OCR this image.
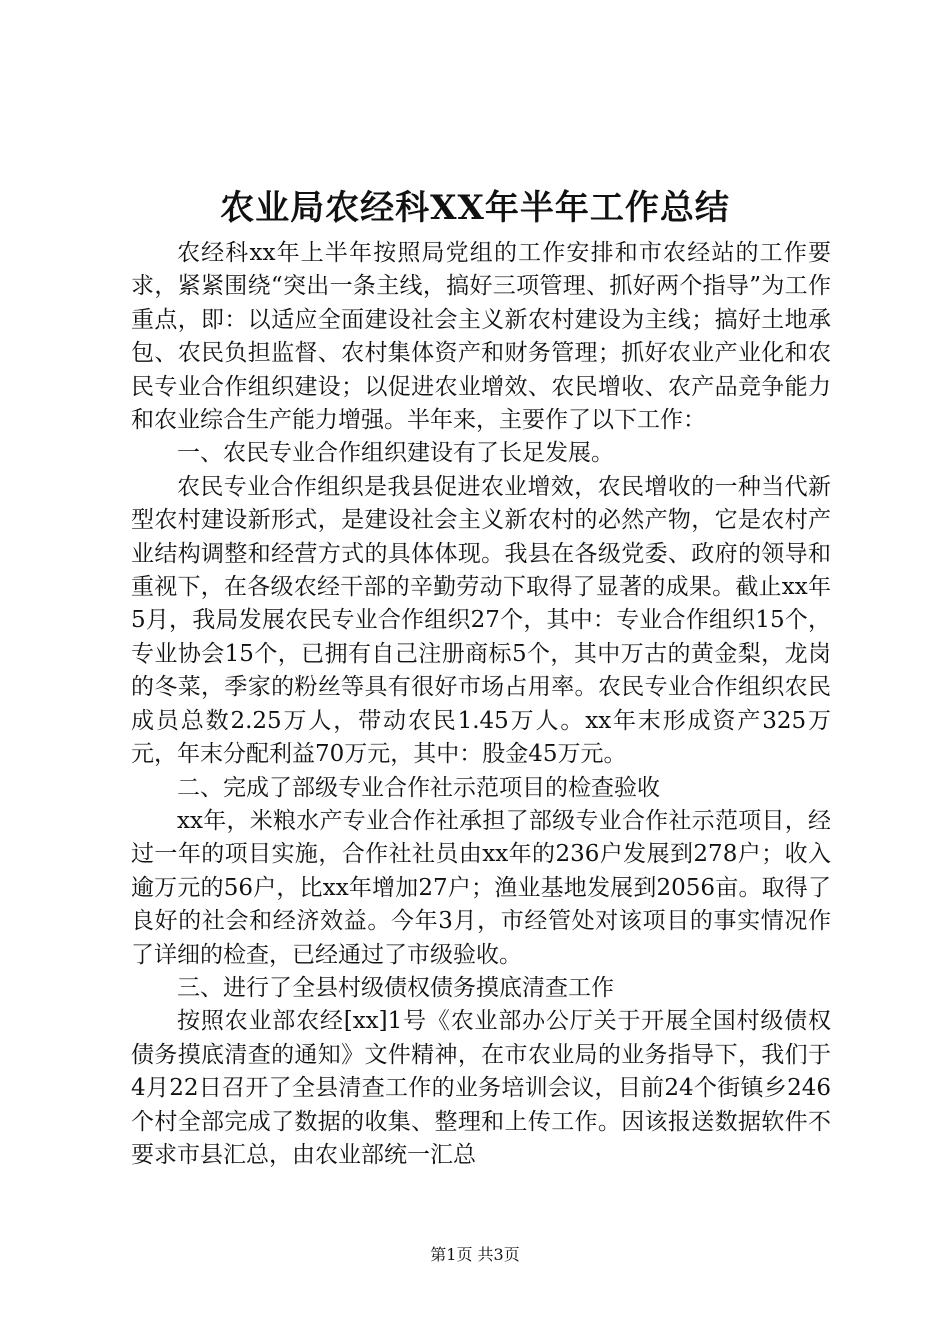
农业局农经科XX年半年工作总结

农经科xx年上半年按照局党组的工作安排和市农经站的工作要求，紧紧围绕“突出一条主线，搞好三项管理、抓好两个指导”为工作重点，即：以适应全面建设社会主义新农村建设为主线；搞好土地承包、农民负担监督、农村集体资产和财务管理；抓好农业产业化和农民专业合作组织建设；以促进农业增效、农民增收、农产品竞争能力和农业综合生产能力增强。半年来，主要作了以下工作：

一、农民专业合作组织建设有了长足发展。

农民专业合作组织是我县促进农业增效，农民增收的一种当代新型农村建设新形式，是建设社会主义新农村的必然产物，它是农村产业结构调整和经营方式的具体体现。我县在各级党委、政府的领导和重视下，在各级农经干部的辛勤劳动下取得了显著的成果。截止xx年5月，我局发展农民专业合作组织27个，其中：专业合作组织15个，专业协会15个，已拥有自己注册商标5个，其中万古的黄金梨，龙岗的冬菜，季家的粉丝等具有很好市场占用率。农民专业合作组织农民成员总数2.25万人，带动农民1.45万人。xx年末形成资产325万元，年末分配利益70万元，其中：股金45万元。

二、完成了部级专业合作社示范项目的检查验收

xx年，米粮水产专业合作社承担了部级专业合作社示范项目，经过一年的项目实施，合作社社员由xx年的236户发展到278户；收入逾万元的56户，比xx年增加27户；渔业基地发展到2056亩。取得了良好的社会和经济效益。今年3月，市经管处对该项目的事实情况作了详细的检查，已经通过了市级验收。

三、进行了全县村级债权债务摸底清查工作

按照农业部农经[xx]1号《农业部办公厅关于开展全国村级债权债务摸底清查的通知》文件精神，在市农业局的业务指导下，我们于4月22日召开了全县清查工作的业务培训会议，目前24个街镇乡246个村全部完成了数据的收集、整理和上传工作。因该报送数据软件不要求市县汇总，由农业部统一汇总

第1页 共3页
